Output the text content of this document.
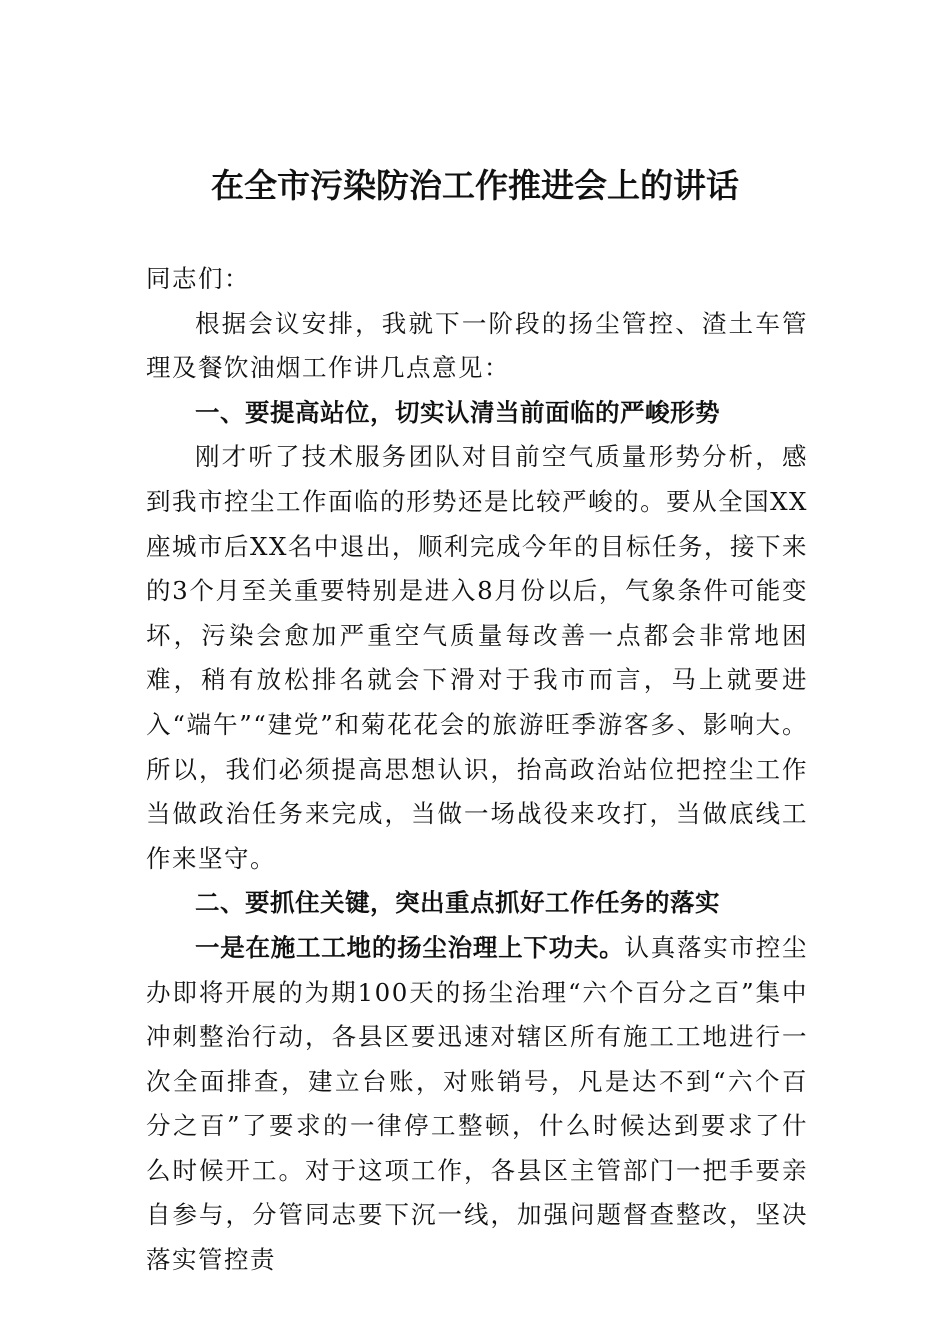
在全市污染防治工作推进会上的讲话

同志们：

根据会议安排，我就下一阶段的扬尘管控、渣土车管理及餐饮油烟工作讲几点意见：

一、要提高站位，切实认清当前面临的严峻形势

刚才听了技术服务团队对目前空气质量形势分析，感到我市控尘工作面临的形势还是比较严峻的。要从全国XX座城市后XX名中退出，顺利完成今年的目标任务，接下来的3个月至关重要特别是进入8月份以后，气象条件可能变坏，污染会愈加严重空气质量每改善一点都会非常地困难，稍有放松排名就会下滑对于我市而言，马上就要进入“端午”“建党”和菊花花会的旅游旺季游客多、影响大。所以，我们必须提高思想认识，抬高政治站位把控尘工作当做政治任务来完成，当做一场战役来攻打，当做底线工作来坚守。

二、要抓住关键，突出重点抓好工作任务的落实

一是在施工工地的扬尘治理上下功夫。认真落实市控尘办即将开展的为期100天的扬尘治理“六个百分之百”集中冲刺整治行动，各县区要迅速对辖区所有施工工地进行一次全面排查，建立台账，对账销号，凡是达不到“六个百分之百”了要求的一律停工整顿，什么时候达到要求了什么时候开工。对于这项工作，各县区主管部门一把手要亲自参与，分管同志要下沉一线，加强问题督查整改，坚决落实管控责
